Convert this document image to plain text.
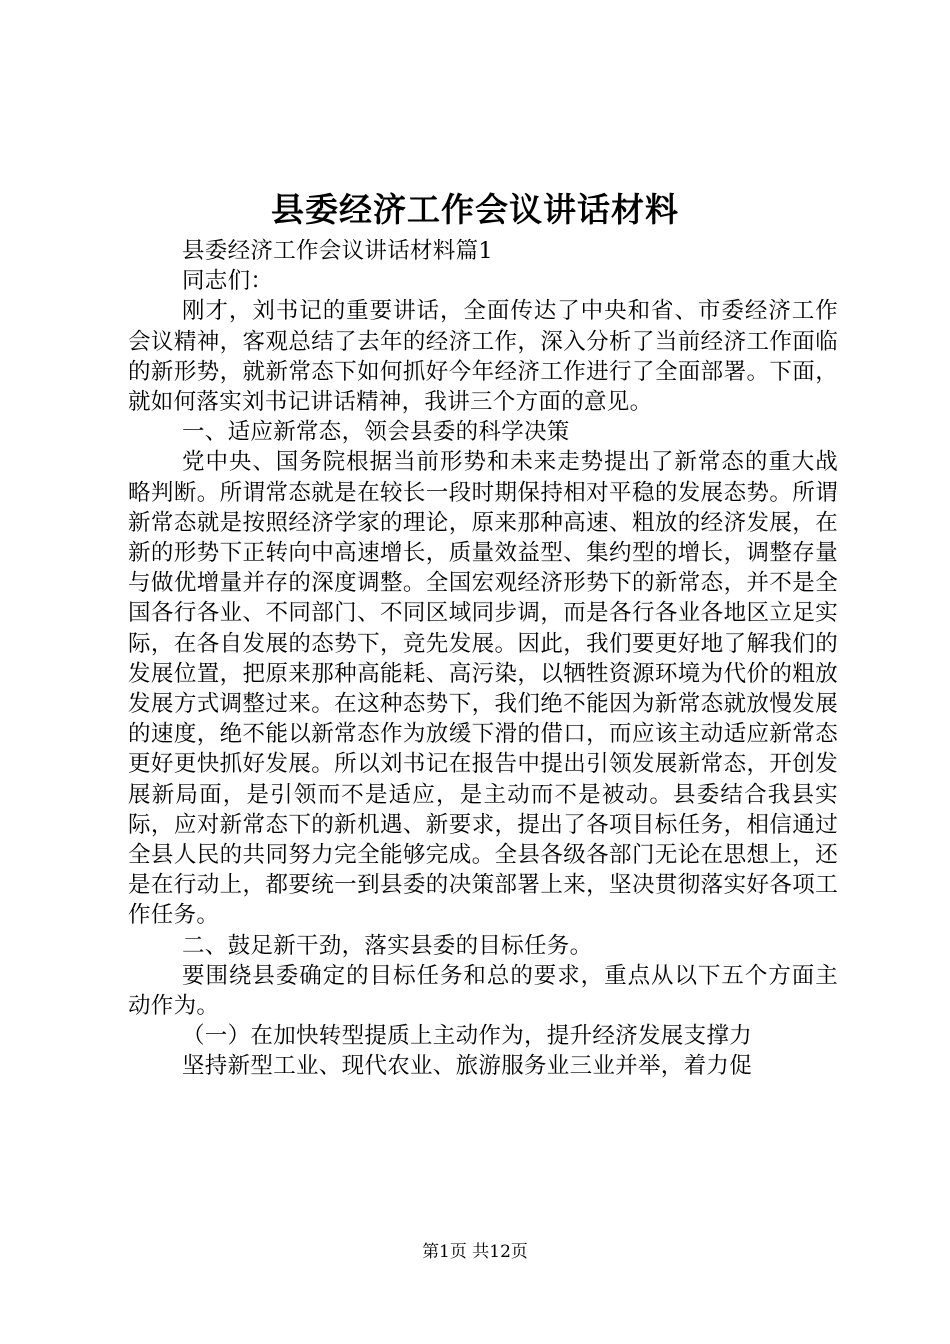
县委经济工作会议讲话材料

县委经济工作会议讲话材料篇1

同志们：

刚才，刘书记的重要讲话，全面传达了中央和省、市委经济工作会议精神，客观总结了去年的经济工作，深入分析了当前经济工作面临的新形势，就新常态下如何抓好今年经济工作进行了全面部署。下面，就如何落实刘书记讲话精神，我讲三个方面的意见。

一、适应新常态，领会县委的科学决策

党中央、国务院根据当前形势和未来走势提出了新常态的重大战略判断。所谓常态就是在较长一段时期保持相对平稳的发展态势。所谓新常态就是按照经济学家的理论，原来那种高速、粗放的经济发展，在新的形势下正转向中高速增长，质量效益型、集约型的增长，调整存量与做优增量并存的深度调整。全国宏观经济形势下的新常态，并不是全国各行各业、不同部门、不同区域同步调，而是各行各业各地区立足实际，在各自发展的态势下，竞先发展。因此，我们要更好地了解我们的发展位置，把原来那种高能耗、高污染，以牺牲资源环境为代价的粗放发展方式调整过来。在这种态势下，我们绝不能因为新常态就放慢发展的速度，绝不能以新常态作为放缓下滑的借口，而应该主动适应新常态更好更快抓好发展。所以刘书记在报告中提出引领发展新常态，开创发展新局面，是引领而不是适应，是主动而不是被动。县委结合我县实际，应对新常态下的新机遇、新要求，提出了各项目标任务，相信通过全县人民的共同努力完全能够完成。全县各级各部门无论在思想上，还是在行动上，都要统一到县委的决策部署上来，坚决贯彻落实好各项工作任务。

二、鼓足新干劲，落实县委的目标任务。

要围绕县委确定的目标任务和总的要求，重点从以下五个方面主动作为。

（一）在加快转型提质上主动作为，提升经济发展支撑力

坚持新型工业、现代农业、旅游服务业三业并举，着力促

第1页 共12页
